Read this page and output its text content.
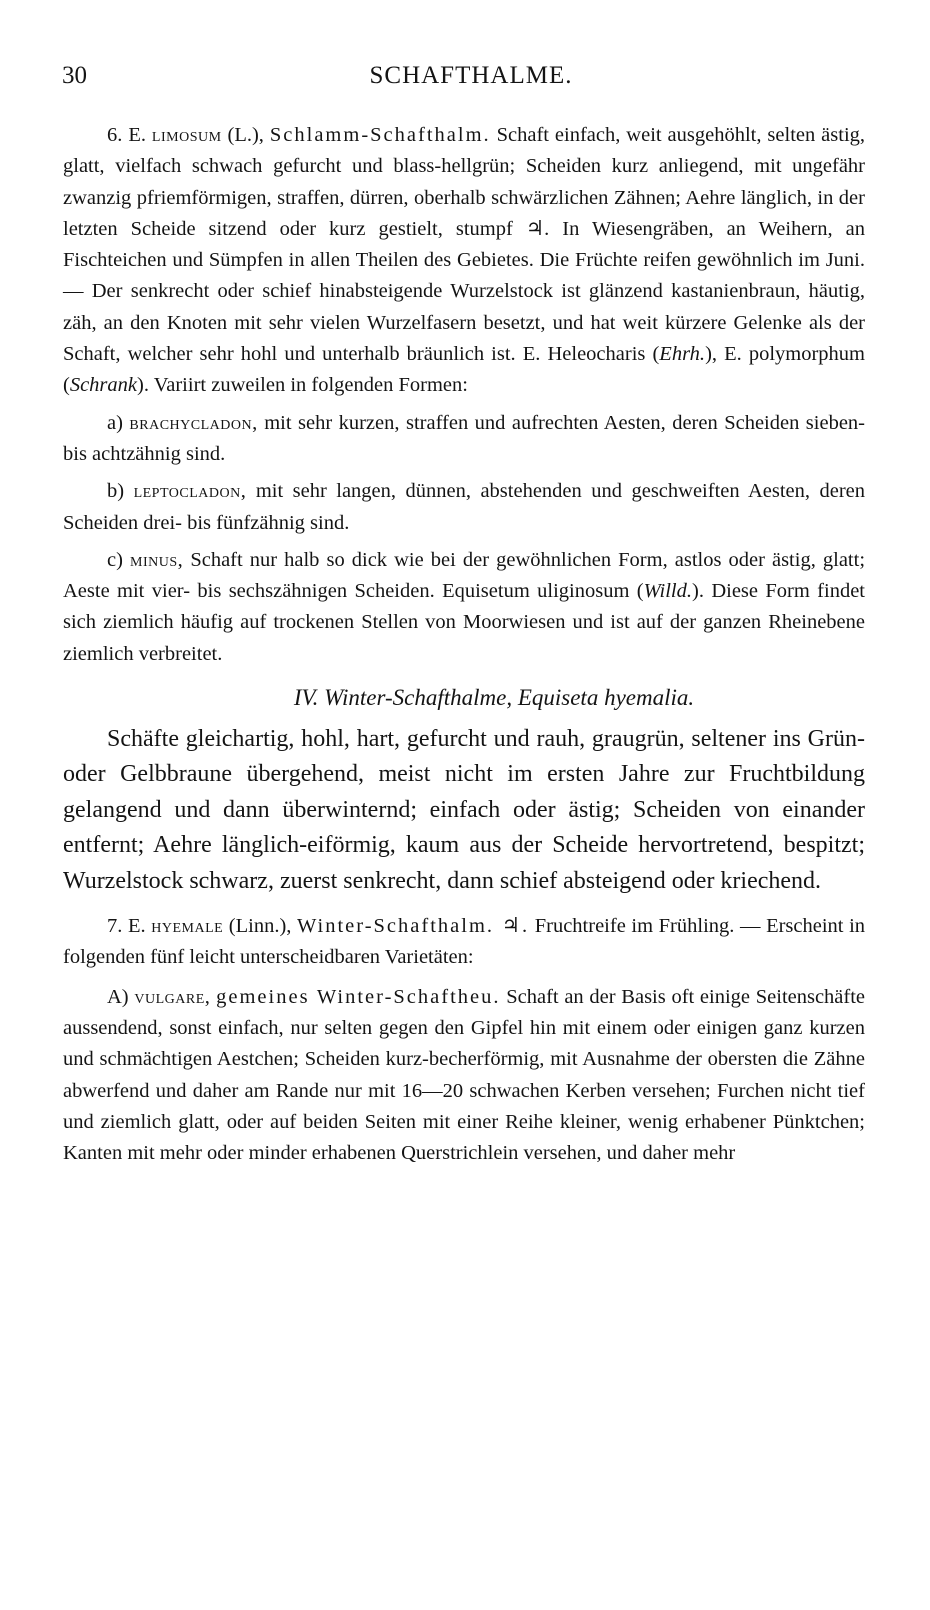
30	SCHAFTHALME.

6. E. limosum (L.), Schlamm-Schafthalm. Schaft einfach, weit ausgehöhlt, selten ästig, glatt, vielfach schwach gefurcht und blass-hellgrün; Scheiden kurz anliegend, mit ungefähr zwanzig pfriemförmigen, straffen, dürren, oberhalb schwärzlichen Zähnen; Aehre länglich, in der letzten Scheide sitzend oder kurz gestielt, stumpf ♃. In Wiesengräben, an Weihern, an Fischteichen und Sümpfen in allen Theilen des Gebietes. Die Früchte reifen gewöhnlich im Juni. — Der senkrecht oder schief hinabsteigende Wurzelstock ist glänzend kastanienbraun, häutig, zäh, an den Knoten mit sehr vielen Wurzelfasern besetzt, und hat weit kürzere Gelenke als der Schaft, welcher sehr hohl und unterhalb bräunlich ist. E. Heleocharis (Ehrh.), E. polymorphum (Schrank). Variirt zuweilen in folgenden Formen:

a) brachycladon, mit sehr kurzen, straffen und aufrechten Aesten, deren Scheiden sieben- bis achtzähnig sind.

b) leptocladon, mit sehr langen, dünnen, abstehenden und geschweiften Aesten, deren Scheiden drei- bis fünfzähnig sind.

c) minus, Schaft nur halb so dick wie bei der gewöhnlichen Form, astlos oder ästig, glatt; Aeste mit vier- bis sechszähnigen Scheiden. Equisetum uliginosum (Willd.). Diese Form findet sich ziemlich häufig auf trockenen Stellen von Moorwiesen und ist auf der ganzen Rheinebene ziemlich verbreitet.

IV. Winter-Schafthalme, Equiseta hyemalia.

Schäfte gleichartig, hohl, hart, gefurcht und rauh, graugrün, seltener ins Grün- oder Gelbbraune übergehend, meist nicht im ersten Jahre zur Fruchtbildung gelangend und dann überwinternd; einfach oder ästig; Scheiden von einander entfernt; Aehre länglich-eiförmig, kaum aus der Scheide hervortretend, bespitzt; Wurzelstock schwarz, zuerst senkrecht, dann schief absteigend oder kriechend.

7. E. hyemale (Linn.), Winter-Schafthalm. ♃. Fruchtreife im Frühling. — Erscheint in folgenden fünf leicht unterscheidbaren Varietäten:

A) vulgare, gemeines Winter-Schaftheu. Schaft an der Basis oft einige Seitenschäfte aussendend, sonst einfach, nur selten gegen den Gipfel hin mit einem oder einigen ganz kurzen und schmächtigen Aestchen; Scheiden kurz-becherförmig, mit Ausnahme der obersten die Zähne abwerfend und daher am Rande nur mit 16—20 schwachen Kerben versehen; Furchen nicht tief und ziemlich glatt, oder auf beiden Seiten mit einer Reihe kleiner, wenig erhabener Pünktchen; Kanten mit mehr oder minder erhabenen Querstrichlein versehen, und daher mehr
